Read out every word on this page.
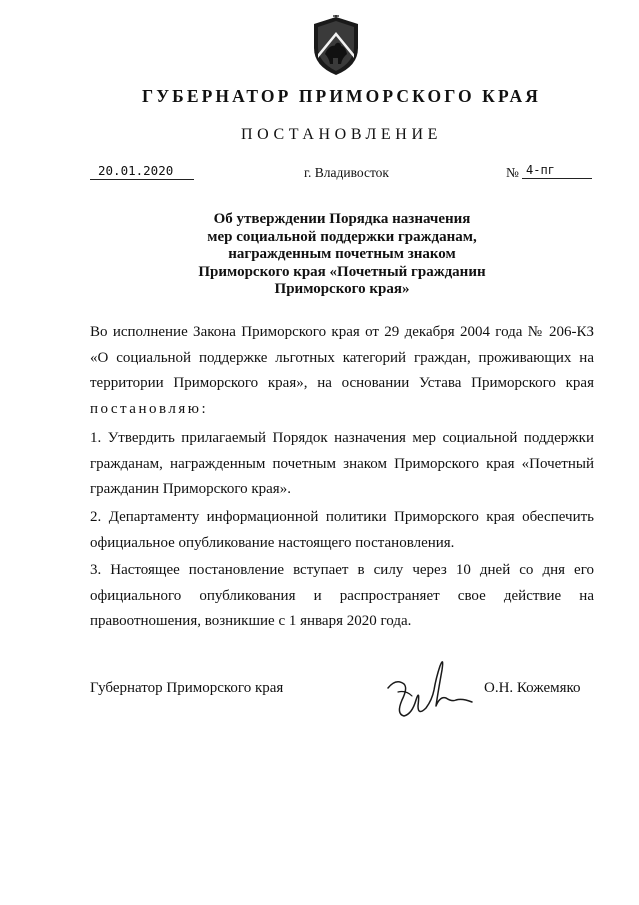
ГУБЕРНАТОР ПРИМОРСКОГО КРАЯ
ПОСТАНОВЛЕНИЕ
20.01.2020	г. Владивосток	№ 4-пг
Об утверждении Порядка назначения
мер социальной поддержки гражданам,
награжденным почетным знаком
Приморского края «Почетный гражданин
Приморского края»
Во исполнение Закона Приморского края от 29 декабря 2004 года № 206-КЗ «О социальной поддержке льготных категорий граждан, проживающих на территории Приморского края», на основании Устава Приморского края постановляю:
1. Утвердить прилагаемый Порядок назначения мер социальной поддержки гражданам, награжденным почетным знаком Приморского края «Почетный гражданин Приморского края».
2. Департаменту информационной политики Приморского края обеспечить официальное опубликование настоящего постановления.
3. Настоящее постановление вступает в силу через 10 дней со дня его официального опубликования и распространяет свое действие на правоотношения, возникшие с 1 января 2020 года.
Губернатор Приморского края	О.Н. Кожемяко
